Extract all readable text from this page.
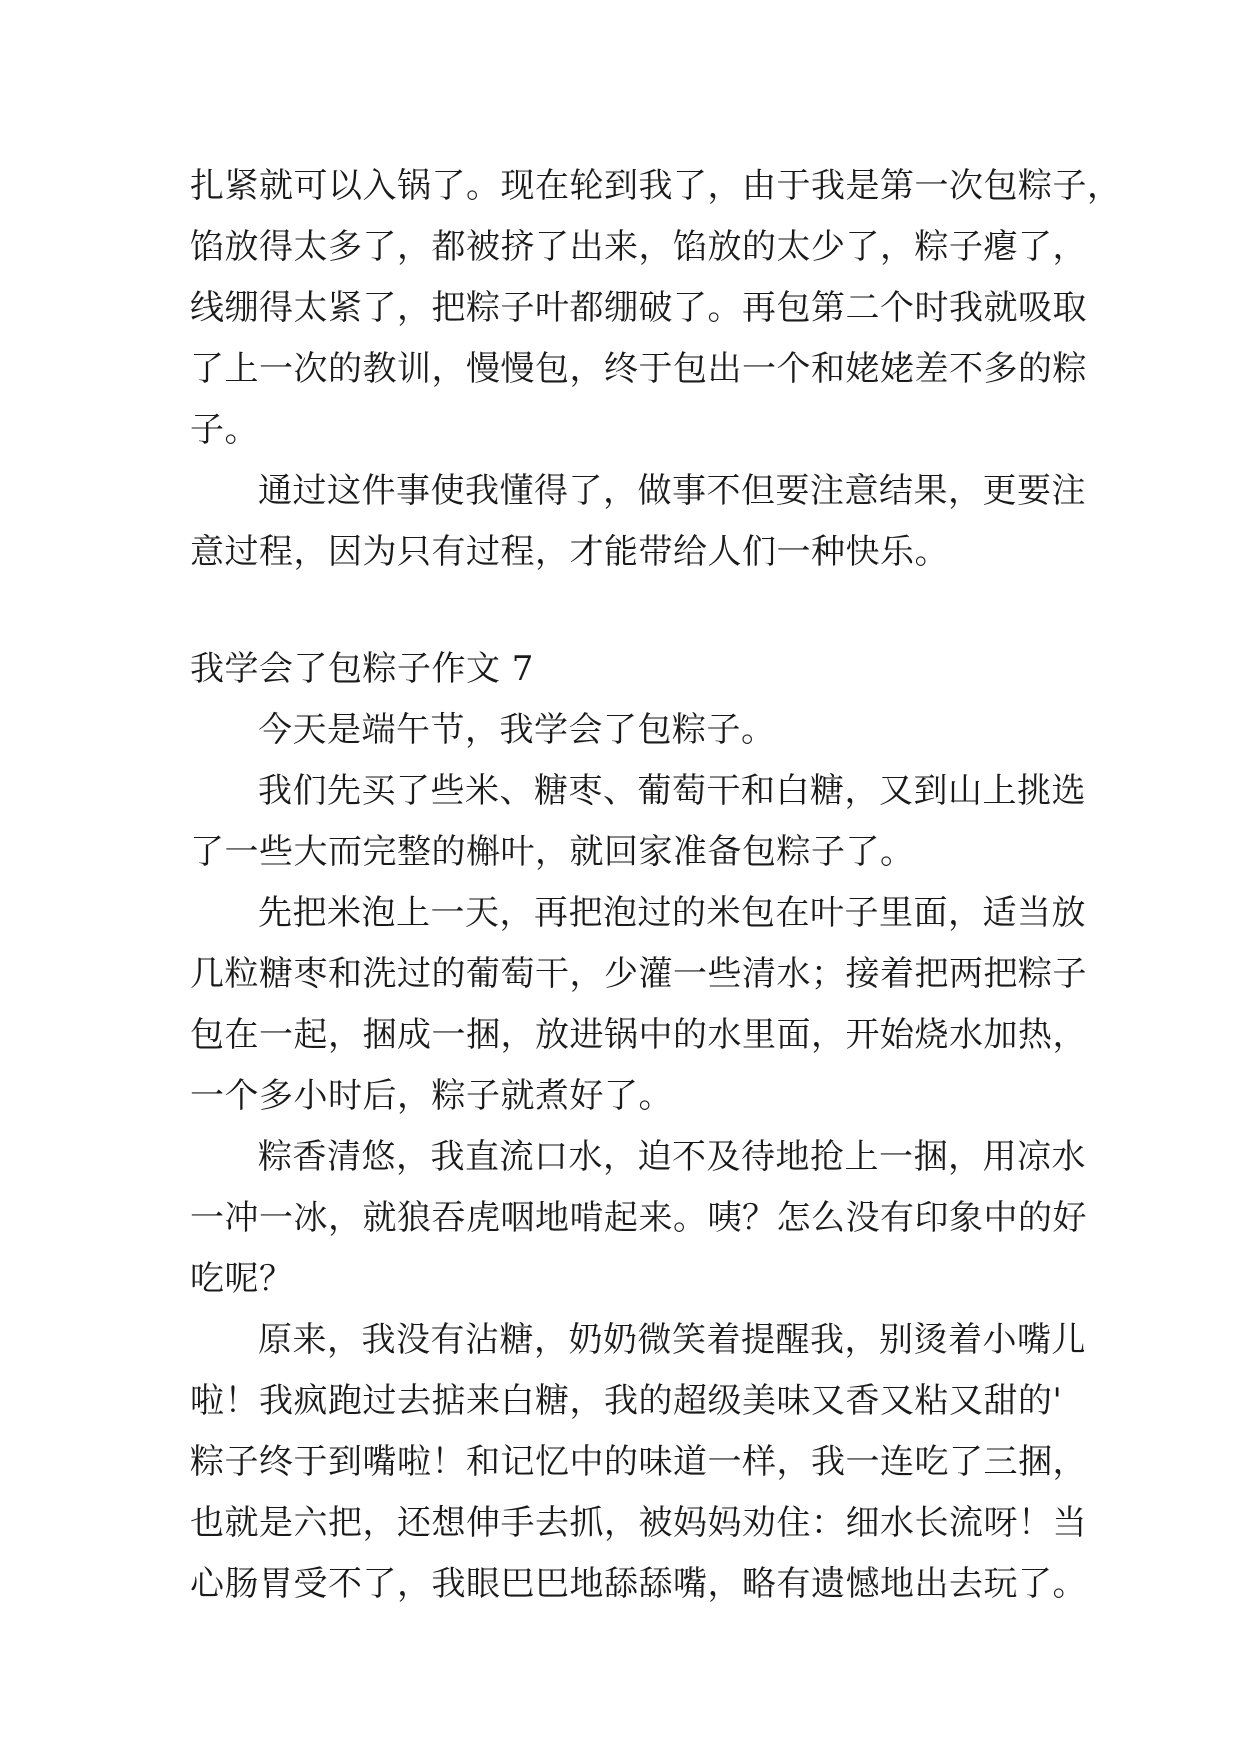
扎紧就可以入锅了。现在轮到我了，由于我是第一次包粽子，
馅放得太多了，都被挤了出来，馅放的太少了，粽子瘪了，
线绷得太紧了，把粽子叶都绷破了。再包第二个时我就吸取
了上一次的教训，慢慢包，终于包出一个和姥姥差不多的粽
子。
通过这件事使我懂得了，做事不但要注意结果，更要注
意过程，因为只有过程，才能带给人们一种快乐。
我学会了包粽子作文 7
今天是端午节，我学会了包粽子。
我们先买了些米、糖枣、葡萄干和白糖，又到山上挑选
了一些大而完整的槲叶，就回家准备包粽子了。
先把米泡上一天，再把泡过的米包在叶子里面，适当放
几粒糖枣和洗过的葡萄干，少灌一些清水；接着把两把粽子
包在一起，捆成一捆，放进锅中的水里面，开始烧水加热，
一个多小时后，粽子就煮好了。
粽香清悠，我直流口水，迫不及待地抢上一捆，用凉水
一冲一冰，就狼吞虎咽地啃起来。咦？怎么没有印象中的好
吃呢？
原来，我没有沾糖，奶奶微笑着提醒我，别烫着小嘴儿
啦！我疯跑过去掂来白糖，我的超级美味又香又粘又甜的'
粽子终于到嘴啦！和记忆中的味道一样，我一连吃了三捆，
也就是六把，还想伸手去抓，被妈妈劝住：细水长流呀！当
心肠胃受不了，我眼巴巴地舔舔嘴，略有遗憾地出去玩了。
